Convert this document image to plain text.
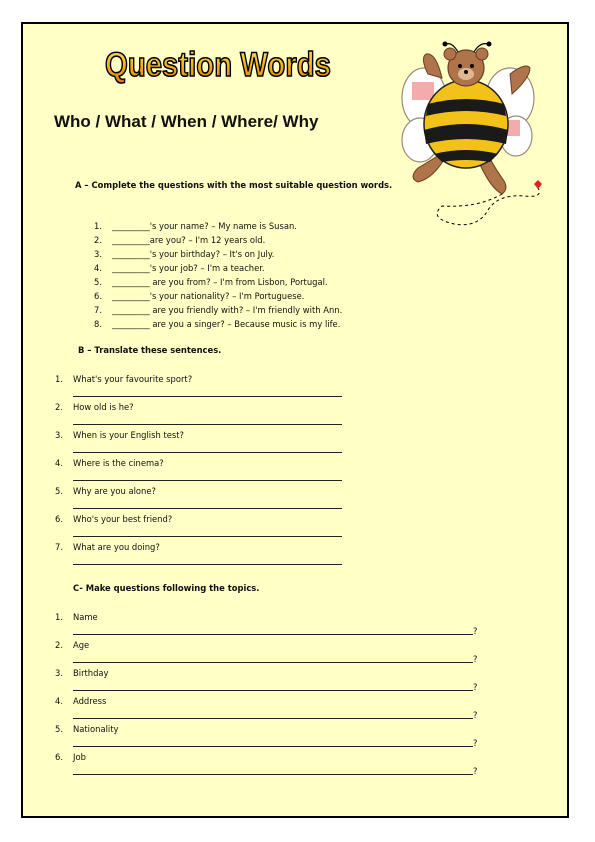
Question Words
Who / What / When / Where/ Why
A – Complete the questions with the most suitable question words.
1. _________'s your name? – My name is Susan.
2. _________are you? – I'm 12 years old.
3. _________'s your birthday? – It's on July.
4. _________'s your job? – I'm a teacher.
5. _________ are you from? – I'm from Lisbon, Portugal.
6. _________'s your nationality? – I'm Portuguese.
7. _________ are you friendly with? – I'm friendly with Ann.
8. _________ are you a singer? – Because music is my life.
B – Translate these sentences.
1. What's your favourite sport?
2. How old is he?
3. When is your English test?
4. Where is the cinema?
5. Why are you alone?
6. Who's your best friend?
7. What are you doing?
C- Make questions following the topics.
1. Name
?
2. Age
?
3. Birthday
?
4. Address
?
5. Nationality
?
6. Job
?
